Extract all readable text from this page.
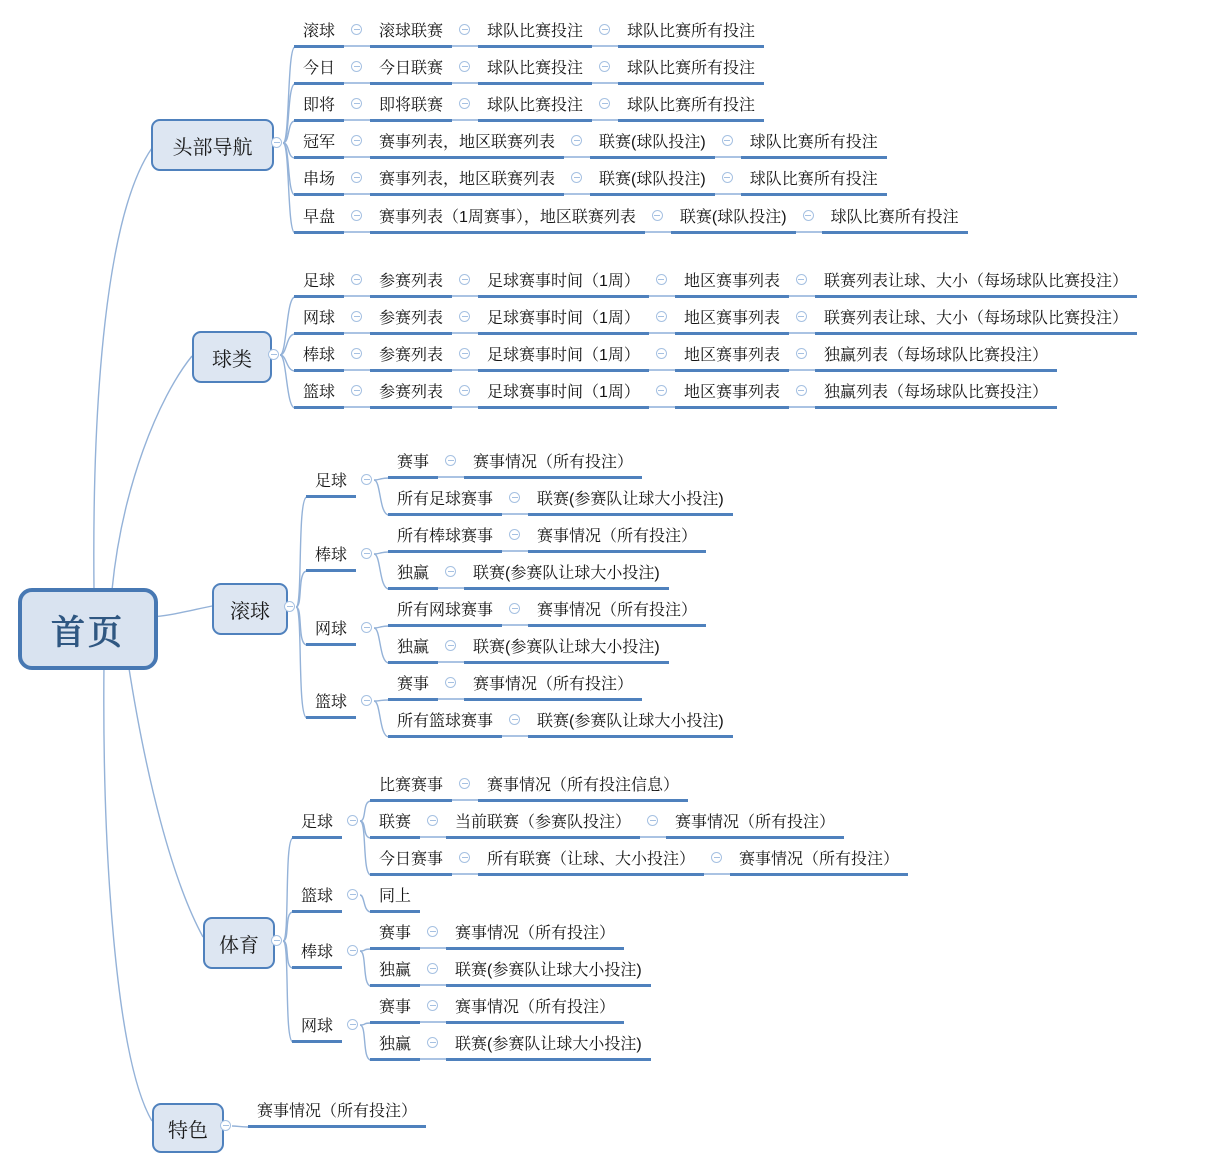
首页
头部导航
球类
滚球
体育
特色
滚球	滚球联赛	球队比赛投注	球队比赛所有投注
今日	今日联赛	球队比赛投注	球队比赛所有投注
即将	即将联赛	球队比赛投注	球队比赛所有投注
冠军	赛事列表，地区联赛列表	联赛(球队投注)	球队比赛所有投注
串场	赛事列表，地区联赛列表	联赛(球队投注)	球队比赛所有投注
早盘	赛事列表（1周赛事），地区联赛列表	联赛(球队投注)	球队比赛所有投注
足球	参赛列表	足球赛事时间（1周）	地区赛事列表	联赛列表让球、大小（每场球队比赛投注）
网球	参赛列表	足球赛事时间（1周）	地区赛事列表	联赛列表让球、大小（每场球队比赛投注）
棒球	参赛列表	足球赛事时间（1周）	地区赛事列表	独赢列表（每场球队比赛投注）
篮球	参赛列表	足球赛事时间（1周）	地区赛事列表	独赢列表（每场球队比赛投注）
足球
赛事	赛事情况（所有投注）
所有足球赛事	联赛(参赛队让球大小投注)
棒球
所有棒球赛事	赛事情况（所有投注）
独赢	联赛(参赛队让球大小投注)
网球
所有网球赛事	赛事情况（所有投注）
独赢	联赛(参赛队让球大小投注)
篮球
赛事	赛事情况（所有投注）
所有篮球赛事	联赛(参赛队让球大小投注)
足球
比赛赛事	赛事情况（所有投注信息）
联赛	当前联赛（参赛队投注）	赛事情况（所有投注）
今日赛事	所有联赛（让球、大小投注）	赛事情况（所有投注）
篮球	同上
棒球
赛事	赛事情况（所有投注）
独赢	联赛(参赛队让球大小投注)
网球
赛事	赛事情况（所有投注）
独赢	联赛(参赛队让球大小投注)
赛事情况（所有投注）
